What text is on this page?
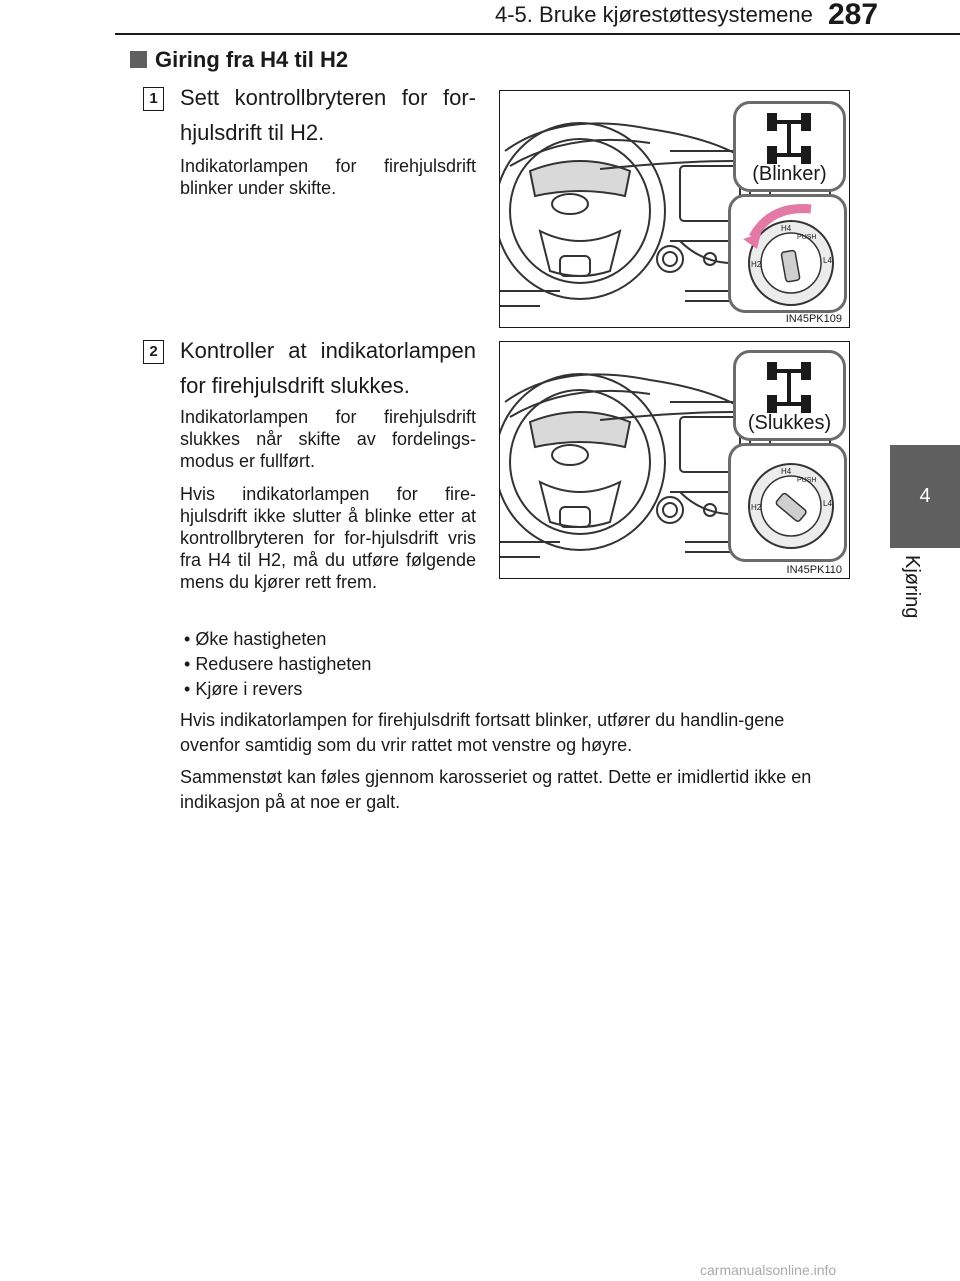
4-5. Bruke kjørestøttesystemene 287
4
Kjøring
Giring fra H4 til H2
1 Sett kontrollbryteren for for-hjulsdrift til H2.

Indikatorlampen for firehjulsdrift blinker under skifte.

IN45PK109
(Blinker)
H2
H4
PUSH
L4
2 Kontroller at indikatorlampen for firehjulsdrift slukkes.

Indikatorlampen for firehjulsdrift slukkes når skifte av fordelings-modus er fullført.

Hvis indikatorlampen for fire-hjulsdrift ikke slutter å blinke etter at kontrollbryteren for for-hjulsdrift vris fra H4 til H2, må du utføre følgende mens du kjører rett frem.

IN45PK110
(Slukkes)
H2
H4
PUSH
L4
• Øke hastigheten
• Redusere hastigheten
• Kjøre i revers

Hvis indikatorlampen for firehjulsdrift fortsatt blinker, utfører du handlin-gene ovenfor samtidig som du vrir rattet mot venstre og høyre.

Sammenstøt kan føles gjennom karosseriet og rattet. Dette er imidlertid ikke en indikasjon på at noe er galt.

carmanualsonline.info
